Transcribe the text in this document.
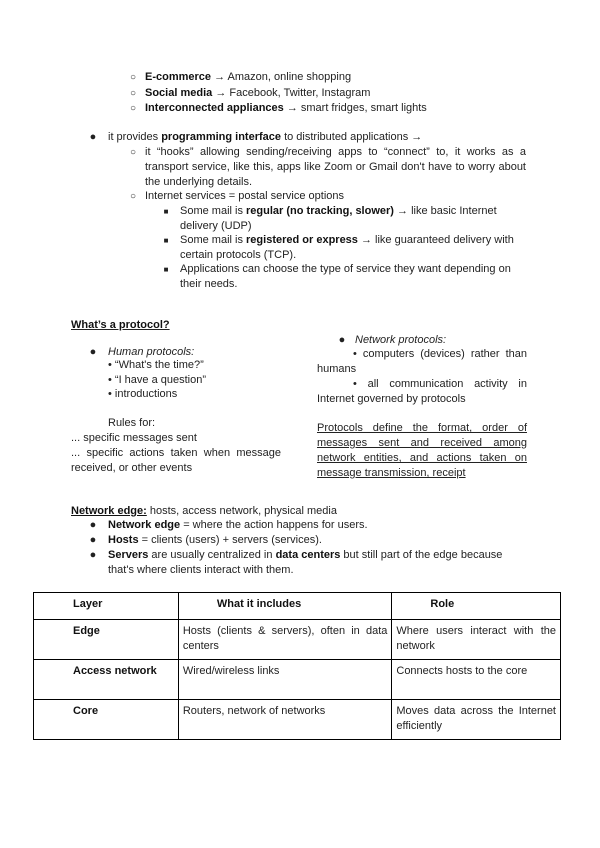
○ E-commerce → Amazon, online shopping
○ Social media → Facebook, Twitter, Instagram
○ Interconnected appliances → smart fridges, smart lights
● it provides programming interface to distributed applications →
○ it “hooks” allowing sending/receiving apps to “connect” to, it works as a transport service, like this, apps like Zoom or Gmail don't have to worry about the underlying details.
○ Internet services = postal service options
■ Some mail is regular (no tracking, slower) → like basic Internet delivery (UDP)
■ Some mail is registered or express → like guaranteed delivery with certain protocols (TCP).
■ Applications can choose the type of service they want depending on their needs.
What’s a protocol?
● Human protocols:
• “What's the time?”
• “I have a question”
• introductions
Rules for:
... specific messages sent
... specific actions taken when message received, or other events
● Network protocols:
• computers (devices) rather than humans
• all communication activity in Internet governed by protocols
Protocols define the format, order of messages sent and received among network entities, and actions taken on message transmission, receipt
Network edge: hosts, access network, physical media
● Network edge = where the action happens for users.
● Hosts = clients (users) + servers (services).
● Servers are usually centralized in data centers but still part of the edge because that's where clients interact with them.
Layer	What it includes	Role
Edge	Hosts (clients & servers), often in data centers	Where users interact with the network
Access network	Wired/wireless links	Connects hosts to the core
Core	Routers, network of networks	Moves data across the Internet efficiently
